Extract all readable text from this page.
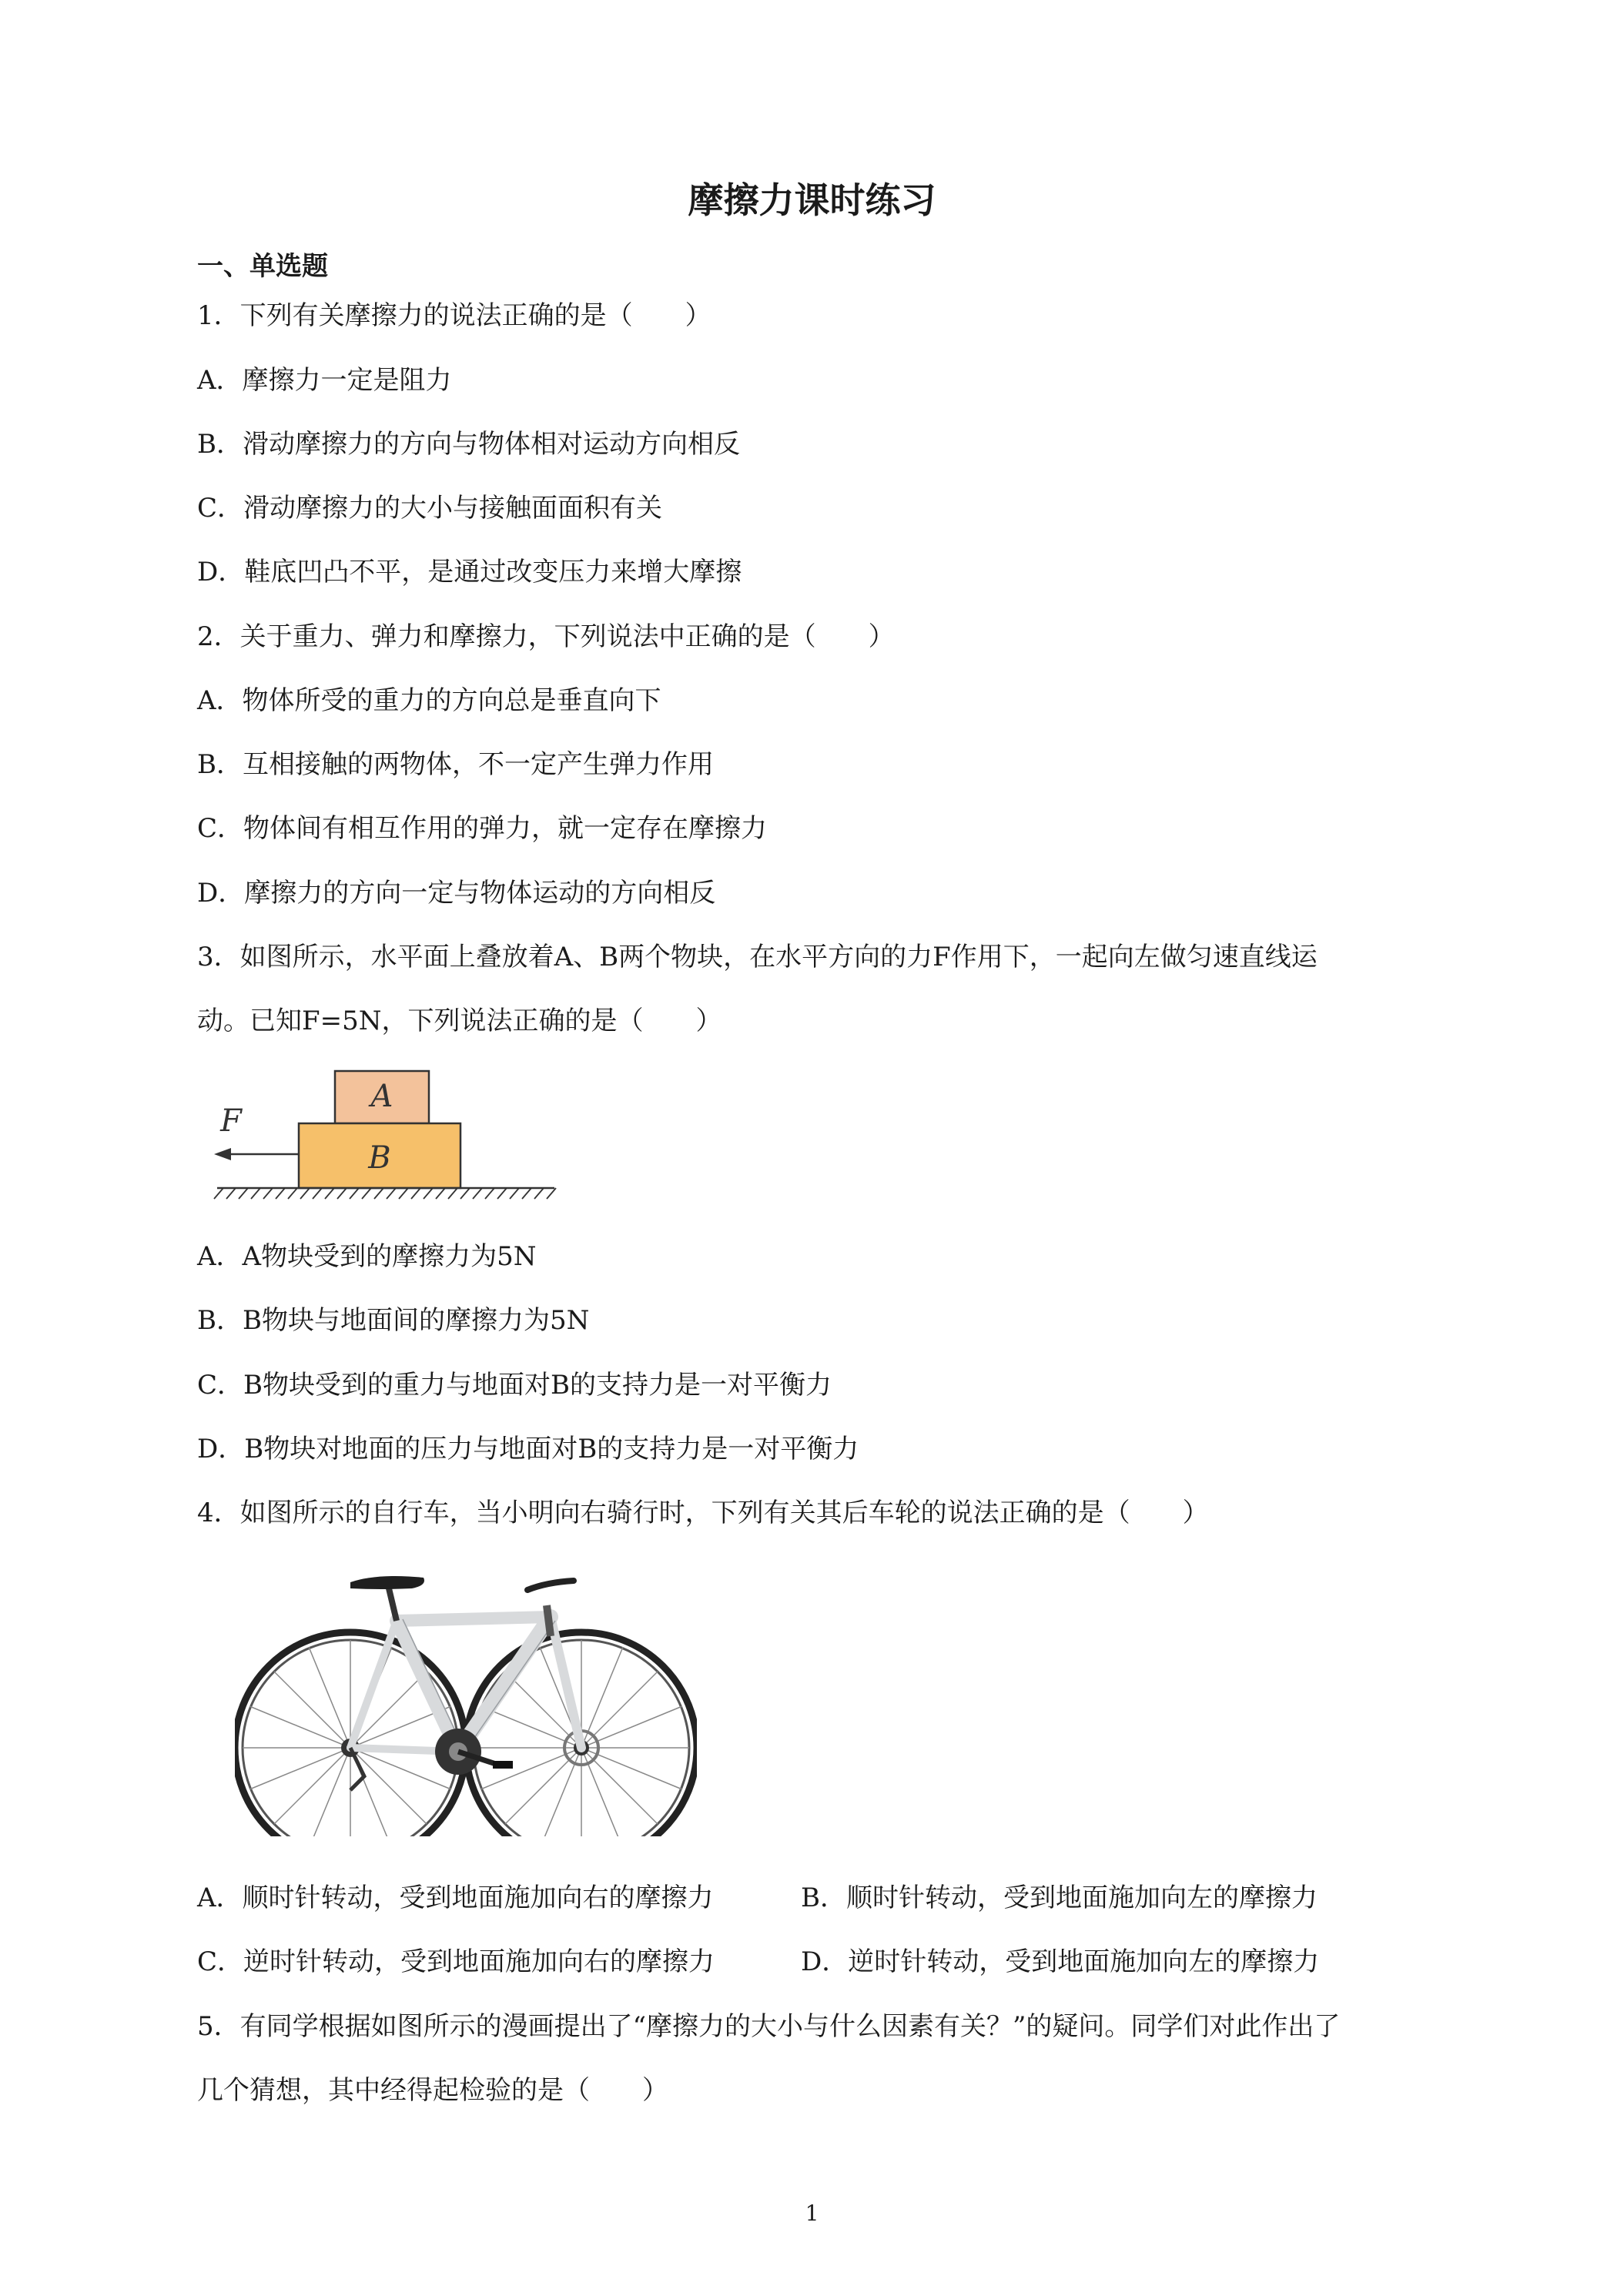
摩擦力课时练习
一、单选题
1．下列有关摩擦力的说法正确的是（　　）
A．摩擦力一定是阻力
B．滑动摩擦力的方向与物体相对运动方向相反
C．滑动摩擦力的大小与接触面面积有关
D．鞋底凹凸不平，是通过改变压力来增大摩擦
2．关于重力、弹力和摩擦力，下列说法中正确的是（　　）
A．物体所受的重力的方向总是垂直向下
B．互相接触的两物体，不一定产生弹力作用
C．物体间有相互作用的弹力，就一定存在摩擦力
D．摩擦力的方向一定与物体运动的方向相反
3．如图所示，水平面上叠放着A、B两个物块，在水平方向的力F作用下，一起向左做匀速直线运
动。已知F=5N，下列说法正确的是（　　）
A
B
F
A．A物块受到的摩擦力为5N
B．B物块与地面间的摩擦力为5N
C．B物块受到的重力与地面对B的支持力是一对平衡力
D．B物块对地面的压力与地面对B的支持力是一对平衡力
4．如图所示的自行车，当小明向右骑行时，下列有关其后车轮的说法正确的是（　　）
A．顺时针转动，受到地面施加向右的摩擦力	B．顺时针转动，受到地面施加向左的摩擦力
C．逆时针转动，受到地面施加向右的摩擦力	D．逆时针转动，受到地面施加向左的摩擦力
5．有同学根据如图所示的漫画提出了“摩擦力的大小与什么因素有关？”的疑问。同学们对此作出了
几个猜想，其中经得起检验的是（　　）
1
